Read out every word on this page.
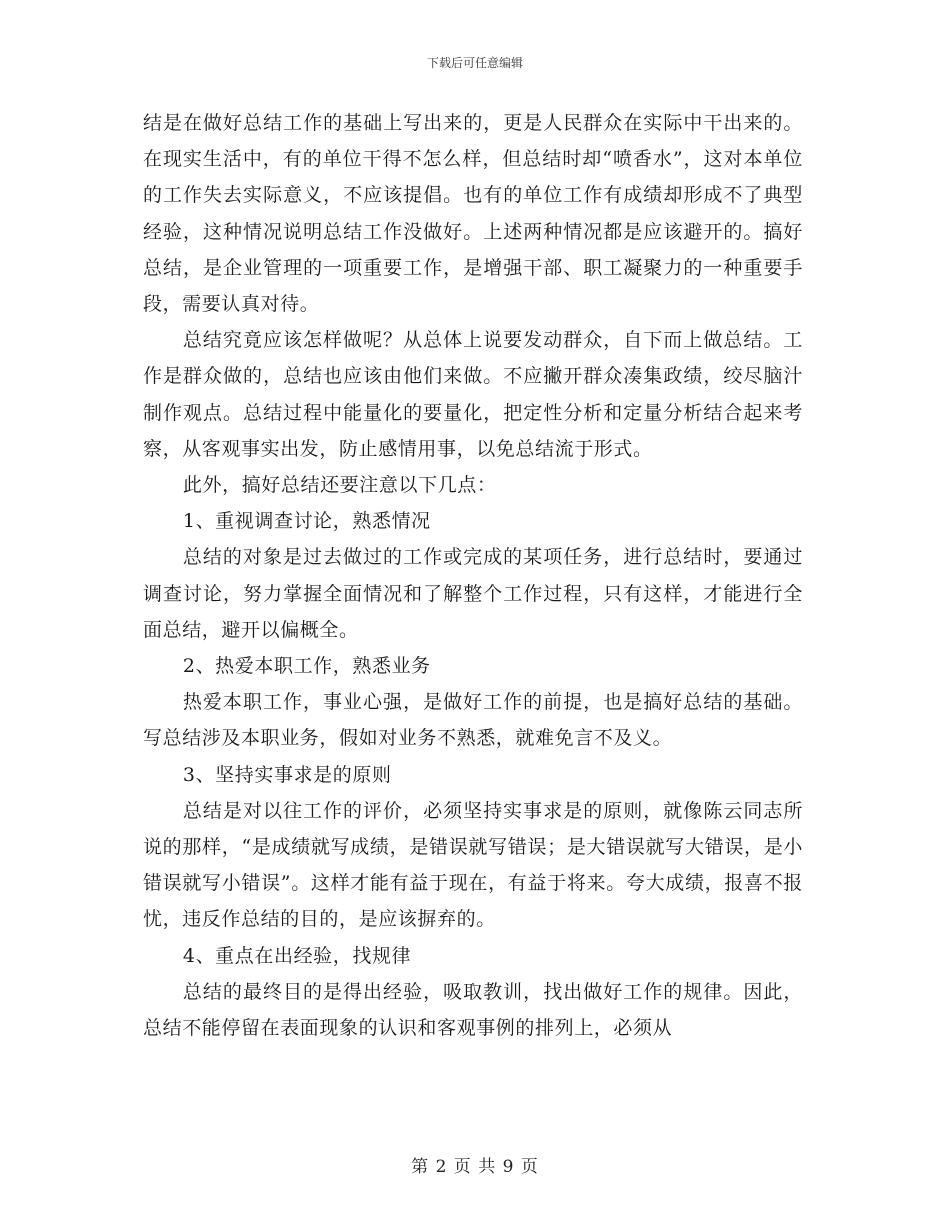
下载后可任意编辑

结是在做好总结工作的基础上写出来的，更是人民群众在实际中干出来的。在现实生活中，有的单位干得不怎么样，但总结时却“喷香水”，这对本单位的工作失去实际意义，不应该提倡。也有的单位工作有成绩却形成不了典型经验，这种情况说明总结工作没做好。上述两种情况都是应该避开的。搞好总结，是企业管理的一项重要工作，是增强干部、职工凝聚力的一种重要手段，需要认真对待。

总结究竟应该怎样做呢？从总体上说要发动群众，自下而上做总结。工作是群众做的，总结也应该由他们来做。不应撇开群众凑集政绩，绞尽脑汁制作观点。总结过程中能量化的要量化，把定性分析和定量分析结合起来考察，从客观事实出发，防止感情用事，以免总结流于形式。

此外，搞好总结还要注意以下几点：

1、重视调查讨论，熟悉情况

总结的对象是过去做过的工作或完成的某项任务，进行总结时，要通过调查讨论，努力掌握全面情况和了解整个工作过程，只有这样，才能进行全面总结，避开以偏概全。

2、热爱本职工作，熟悉业务

热爱本职工作，事业心强，是做好工作的前提，也是搞好总结的基础。写总结涉及本职业务，假如对业务不熟悉，就难免言不及义。

3、坚持实事求是的原则

总结是对以往工作的评价，必须坚持实事求是的原则，就像陈云同志所说的那样，“是成绩就写成绩，是错误就写错误；是大错误就写大错误，是小错误就写小错误”。这样才能有益于现在，有益于将来。夸大成绩，报喜不报忧，违反作总结的目的，是应该摒弃的。

4、重点在出经验，找规律

总结的最终目的是得出经验，吸取教训，找出做好工作的规律。因此，总结不能停留在表面现象的认识和客观事例的排列上，必须从

第 2 页 共 9 页
